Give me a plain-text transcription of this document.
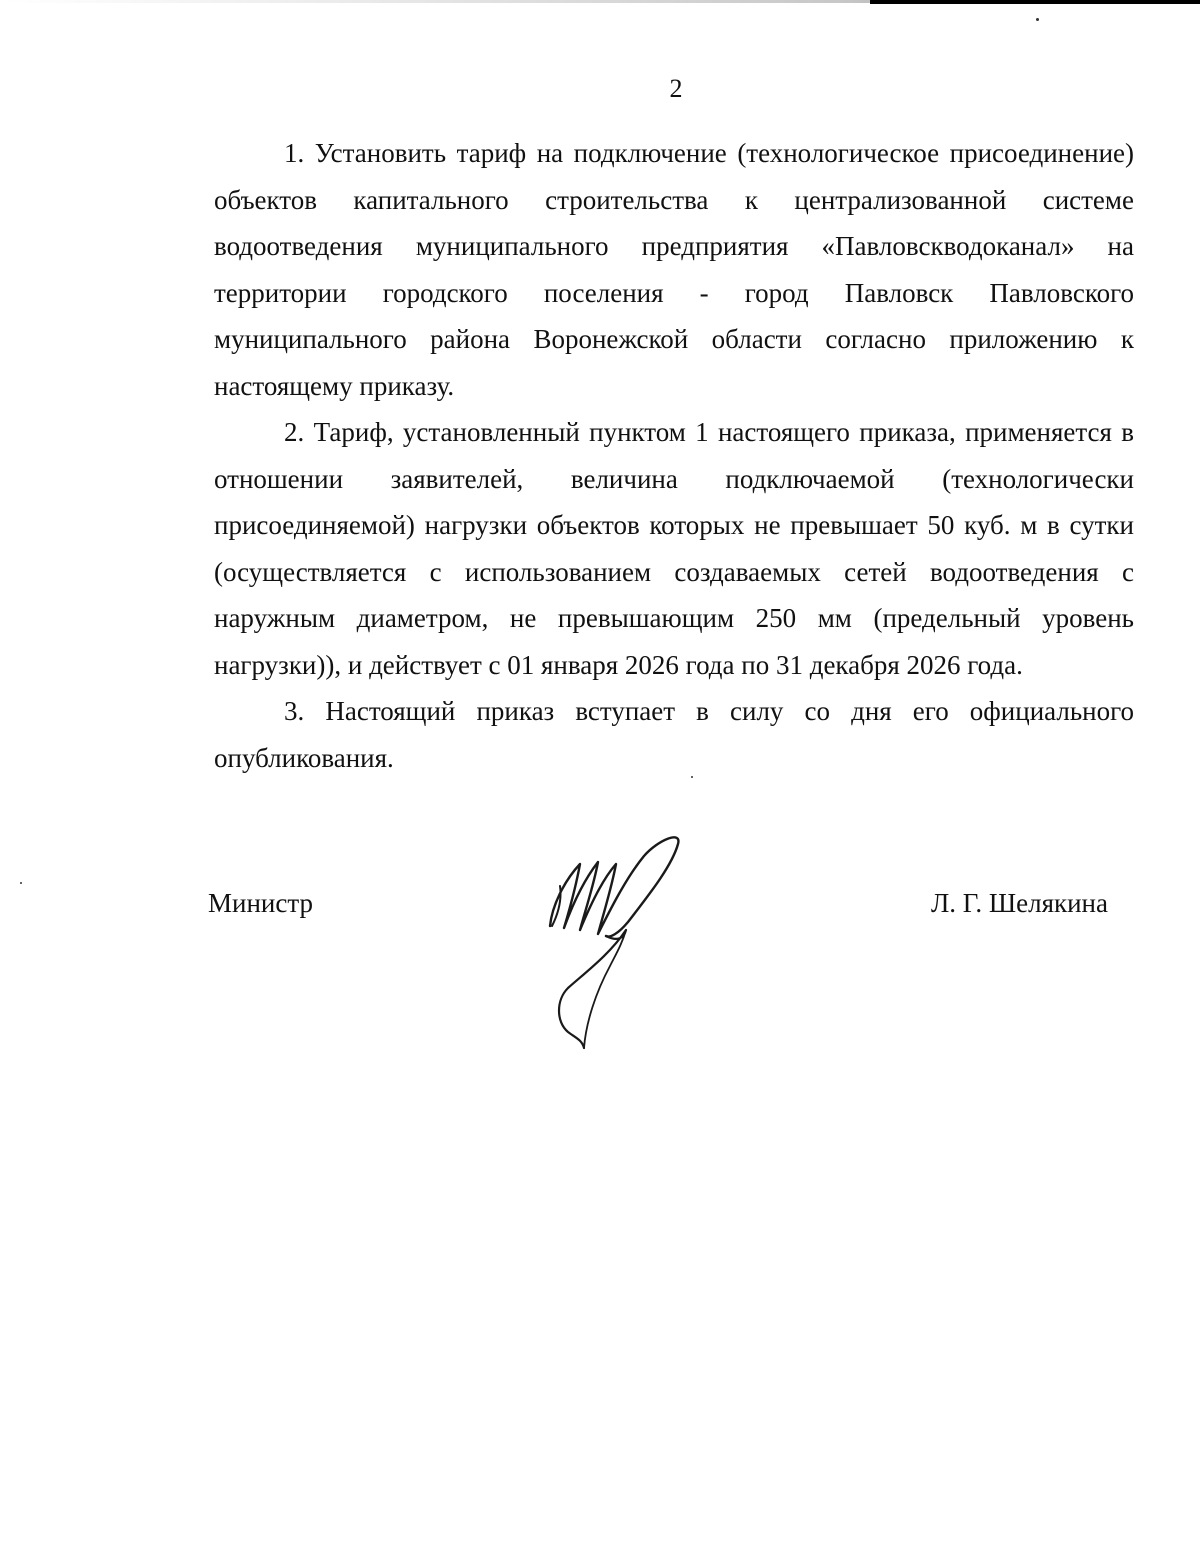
2

1. Установить тариф на подключение (технологическое присоединение) объектов капитального строительства к централизованной системе водоотведения муниципального предприятия «Павловскводоканал» на территории городского поселения - город Павловск Павловского муниципального района Воронежской области согласно приложению к настоящему приказу.

2. Тариф, установленный пунктом 1 настоящего приказа, применяется в отношении заявителей, величина подключаемой (технологически присоединяемой) нагрузки объектов которых не превышает 50 куб. м в сутки (осуществляется с использованием создаваемых сетей водоотведения с наружным диаметром, не превышающим 250 мм (предельный уровень нагрузки)), и действует с 01 января 2026 года по 31 декабря 2026 года.

3. Настоящий приказ вступает в силу со дня его официального опубликования.

Министр	Л. Г. Шелякина
